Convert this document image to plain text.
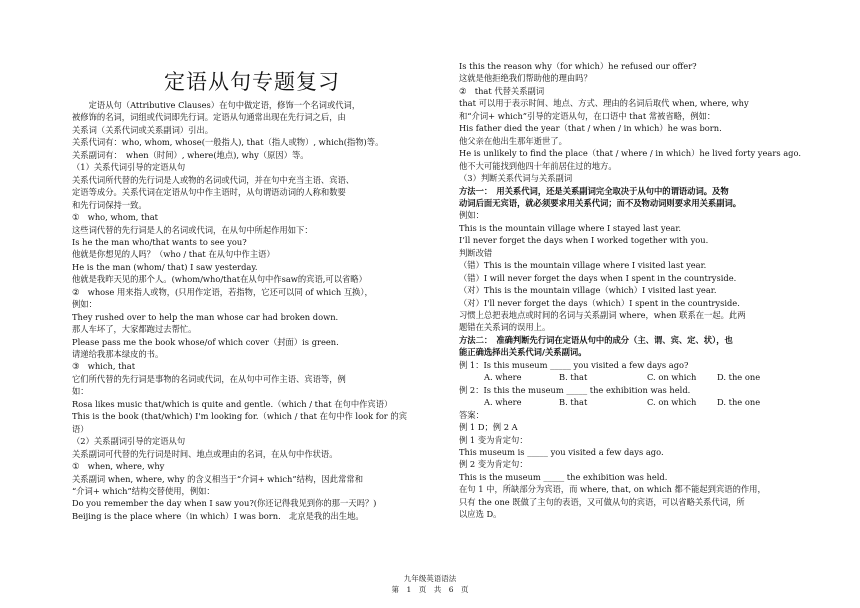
定语从句专题复习
　　定语从句（Attributive Clauses）在句中做定语，修饰一个名词或代词，
被修饰的名词，词组或代词即先行词。定语从句通常出现在先行词之后，由
关系词（关系代词或关系副词）引出。
关系代词有：who, whom, whose(一般指人), that（指人或物）, which(指物)等。
关系副词有：　when（时间）, where(地点), why（原因）等。
（1）关系代词引导的定语从句
关系代词所代替的先行词是人或物的名词或代词，并在句中充当主语、宾语、
定语等成分。关系代词在定语从句中作主语时，从句谓语动词的人称和数要
和先行词保持一致。
①　who, whom, that
这些词代替的先行词是人的名词或代词，在从句中所起作用如下：
Is he the man who/that wants to see you?
他就是你想见的人吗？（who / that 在从句中作主语）
He is the man (whom/ that) I saw yesterday.
他就是我昨天见的那个人。(whom/who/that在从句中作saw的宾语,可以省略）
②　whose 用来指人或物，(只用作定语，若指物，它还可以同 of which 互换），
例如：
They rushed over to help the man whose car had broken down.
那人车坏了，大家都跑过去帮忙。
Please pass me the book whose/of which cover（封面）is green.
请递给我那本绿皮的书。
③　which, that
它们所代替的先行词是事物的名词或代词，在从句中可作主语、宾语等，例
如：
Rosa likes music that/which is quite and gentle.（which / that 在句中作宾语）
This is the book (that/which) I'm looking for.（which / that 在句中作 look for 的宾
语）
（2）关系副词引导的定语从句
关系副词可代替的先行词是时间、地点或理由的名词，在从句中作状语。
①　when, where, why
关系副词 when, where, why 的含义相当于“介词+ which”结构，因此常常和
“介词+ which”结构交替使用，例如：
Do you remember the day when I saw you?(你还记得我见到你的那一天吗？)
Beijing is the place where（in which）I was born.　北京是我的出生地。
Is this the reason why（for which）he refused our offer?
这就是他拒绝我们帮助他的理由吗？
②　that 代替关系副词
that 可以用于表示时间、地点、方式、理由的名词后取代 when, where, why
和“介词+ which”引导的定语从句，在口语中 that 常被省略，例如：
His father died the year（that / when / in which）he was born.
他父亲在他出生那年逝世了。
He is unlikely to find the place（that / where / in which）he lived forty years ago.
他不大可能找到他四十年前居住过的地方。
（3）判断关系代词与关系副词
方法一：　用关系代词，还是关系副词完全取决于从句中的谓语动词。及物
动词后面无宾语，就必须要求用关系代词；而不及物动词则要求用关系副词。
例如：
This is the mountain village where I stayed last year.
I’ll never forget the days when I worked together with you.
判断改错
（错）This is the mountain village where I visited last year.
（错）I will never forget the days when I spent in the countryside.
（对）This is the mountain village（which）I visited last year.
（对）I'll never forget the days（which）I spent in the countryside.
习惯上总把表地点或时间的名词与关系副词 where，when 联系在一起。此两
题错在关系词的误用上。
方法二：　准确判断先行词在定语从句中的成分（主、谓、宾、定、状），也
能正确选择出关系代词/关系副词。
例 1：Is this museum _____ you visited a few days ago?
A. where	B. that	C. on which D. the one
例 2：Is this the museum _____ the exhibition was held.
A. where	B. that	C. on which D. the one
答案：
例 1 D；例 2 A
例 1 变为肯定句：
This museum is _____ you visited a few days ago.
例 2 变为肯定句：
This is the museum _____ the exhibition was held.
在句 1 中，所缺部分为宾语，而 where, that, on which 都不能起到宾语的作用，
只有 the one 既做了主句的表语，又可做从句的宾语，可以省略关系代词，所
以应选 D。
九年级英语语法
第　1　页　共　6　页
